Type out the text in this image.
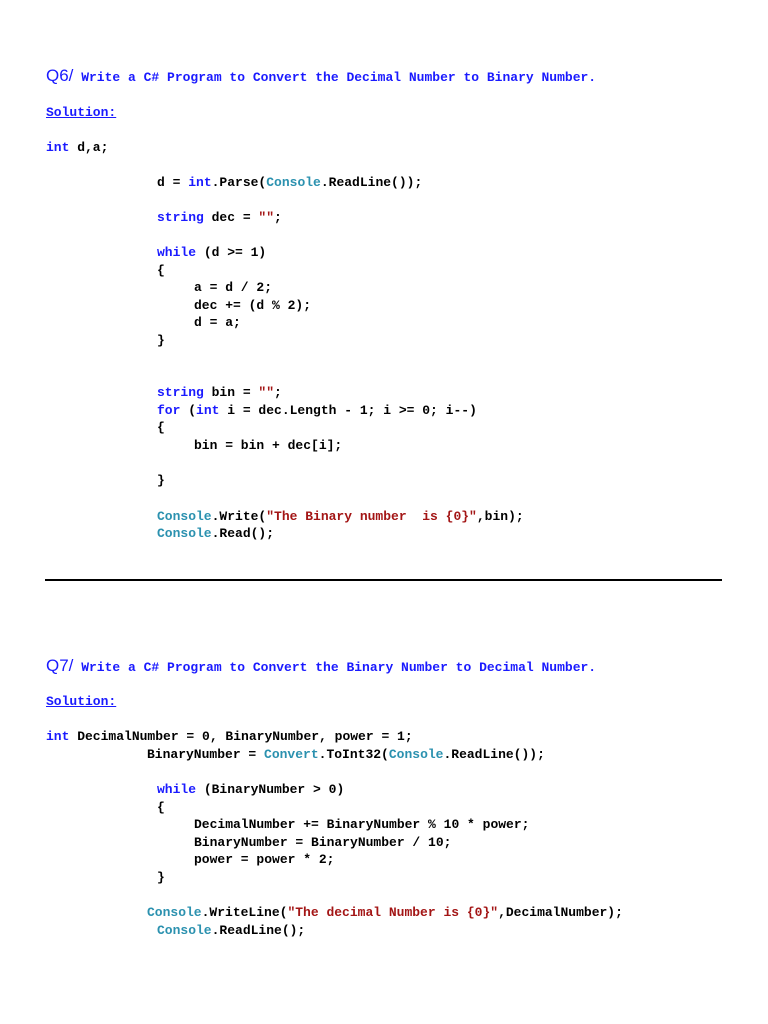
Q6/ Write a C# Program to Convert the Decimal Number to Binary Number.
Solution:
int d,a;
d = int.Parse(Console.ReadLine());
string dec = "";
while (d >= 1)
{
a = d / 2;
dec += (d % 2);
d = a;
}
string bin = "";
for (int i = dec.Length - 1; i >= 0; i--)
{
bin = bin + dec[i];
}
Console.Write("The Binary number  is {0}",bin);
Console.Read();
Q7/ Write a C# Program to Convert the Binary Number to Decimal Number.
Solution:
int DecimalNumber = 0, BinaryNumber, power = 1;
BinaryNumber = Convert.ToInt32(Console.ReadLine());
while (BinaryNumber > 0)
{
DecimalNumber += BinaryNumber % 10 * power;
BinaryNumber = BinaryNumber / 10;
power = power * 2;
}
Console.WriteLine("The decimal Number is {0}",DecimalNumber);
Console.ReadLine();
